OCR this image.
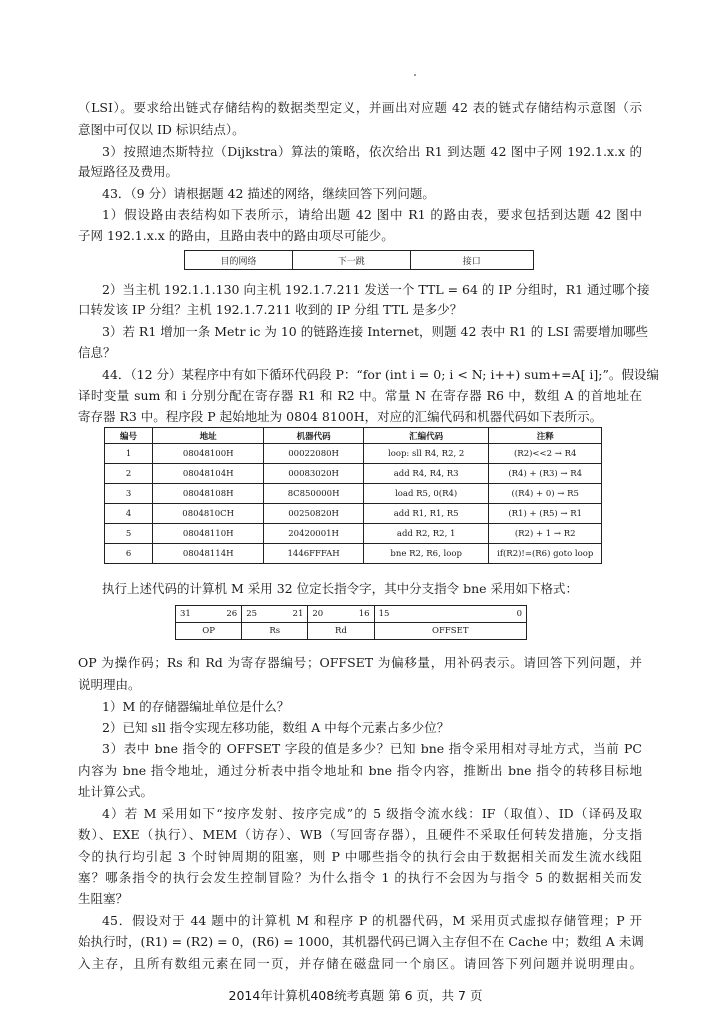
（LSI）。要求给出链式存储结构的数据类型定义，并画出对应题 42 表的链式存储结构示意图（示
意图中可仅以 ID 标识结点）。
3）按照迪杰斯特拉（Dijkstra）算法的策略，依次给出 R1 到达题 42 图中子网 192.1.x.x 的
最短路径及费用。
43．（9 分）请根据题 42 描述的网络，继续回答下列问题。
1）假设路由表结构如下表所示，请给出题 42 图中 R1 的路由表，要求包括到达题 42 图中
子网 192.1.x.x 的路由，且路由表中的路由项尽可能少。
目的网络	下一跳	接口
2）当主机 192.1.1.130 向主机 192.1.7.211 发送一个 TTL = 64 的 IP 分组时，R1 通过哪个接
口转发该 IP 分组？主机 192.1.7.211 收到的 IP 分组 TTL 是多少？
3）若 R1 增加一条 Metr ic 为 10 的链路连接 Internet，则题 42 表中 R1 的 LSI 需要增加哪些
信息？
44．（12 分）某程序中有如下循环代码段 P：“for (int i = 0; i < N; i++) sum+=A[ i];”。假设编
译时变量 sum 和 i 分别分配在寄存器 R1 和 R2 中。常量 N 在寄存器 R6 中，数组 A 的首地址在
寄存器 R3 中。程序段 P 起始地址为 0804 8100H，对应的汇编代码和机器代码如下表所示。
编号	地址	机器代码	汇编代码	注释
1	08048100H	00022080H	loop: sll R4, R2, 2	(R2)<<2 → R4
2	08048104H	00083020H	add R4, R4, R3	(R4) + (R3) → R4
3	08048108H	8C850000H	load R5, 0(R4)	((R4) + 0) → R5
4	0804810CH	00250820H	add R1, R1, R5	(R1) + (R5) → R1
5	08048110H	20420001H	add R2, R2, 1	(R2) + 1 → R2
6	08048114H	1446FFFAH	bne R2, R6, loop	if(R2)!=(R6) goto loop
执行上述代码的计算机 M 采用 32 位定长指令字，其中分支指令 bne 采用如下格式：
31 26	25 21	20 16	15 0

OP	Rs	Rd	OFFSET
OP 为操作码；Rs 和 Rd 为寄存器编号；OFFSET 为偏移量，用补码表示。请回答下列问题，并
说明理由。
1）M 的存储器编址单位是什么？
2）已知 sll 指令实现左移功能，数组 A 中每个元素占多少位？
3）表中 bne 指令的 OFFSET 字段的值是多少？已知 bne 指令采用相对寻址方式，当前 PC
内容为 bne 指令地址，通过分析表中指令地址和 bne 指令内容，推断出 bne 指令的转移目标地
址计算公式。
4）若 M 采用如下“按序发射、按序完成”的 5 级指令流水线：IF（取值）、ID（译码及取
数）、EXE（执行）、MEM（访存）、WB（写回寄存器），且硬件不采取任何转发措施，分支指
令的执行均引起 3 个时钟周期的阻塞，则 P 中哪些指令的执行会由于数据相关而发生流水线阻
塞？哪条指令的执行会发生控制冒险？为什么指令 1 的执行不会因为与指令 5 的数据相关而发
生阻塞？
45．假设对于 44 题中的计算机 M 和程序 P 的机器代码，M 采用页式虚拟存储管理；P 开
始执行时，(R1) = (R2) = 0，(R6) = 1000，其机器代码已调入主存但不在 Cache 中；数组 A 未调
入主存，且所有数组元素在同一页，并存储在磁盘同一个扇区。请回答下列问题并说明理由。
2014年计算机408统考真题 第 6 页，共 7 页
